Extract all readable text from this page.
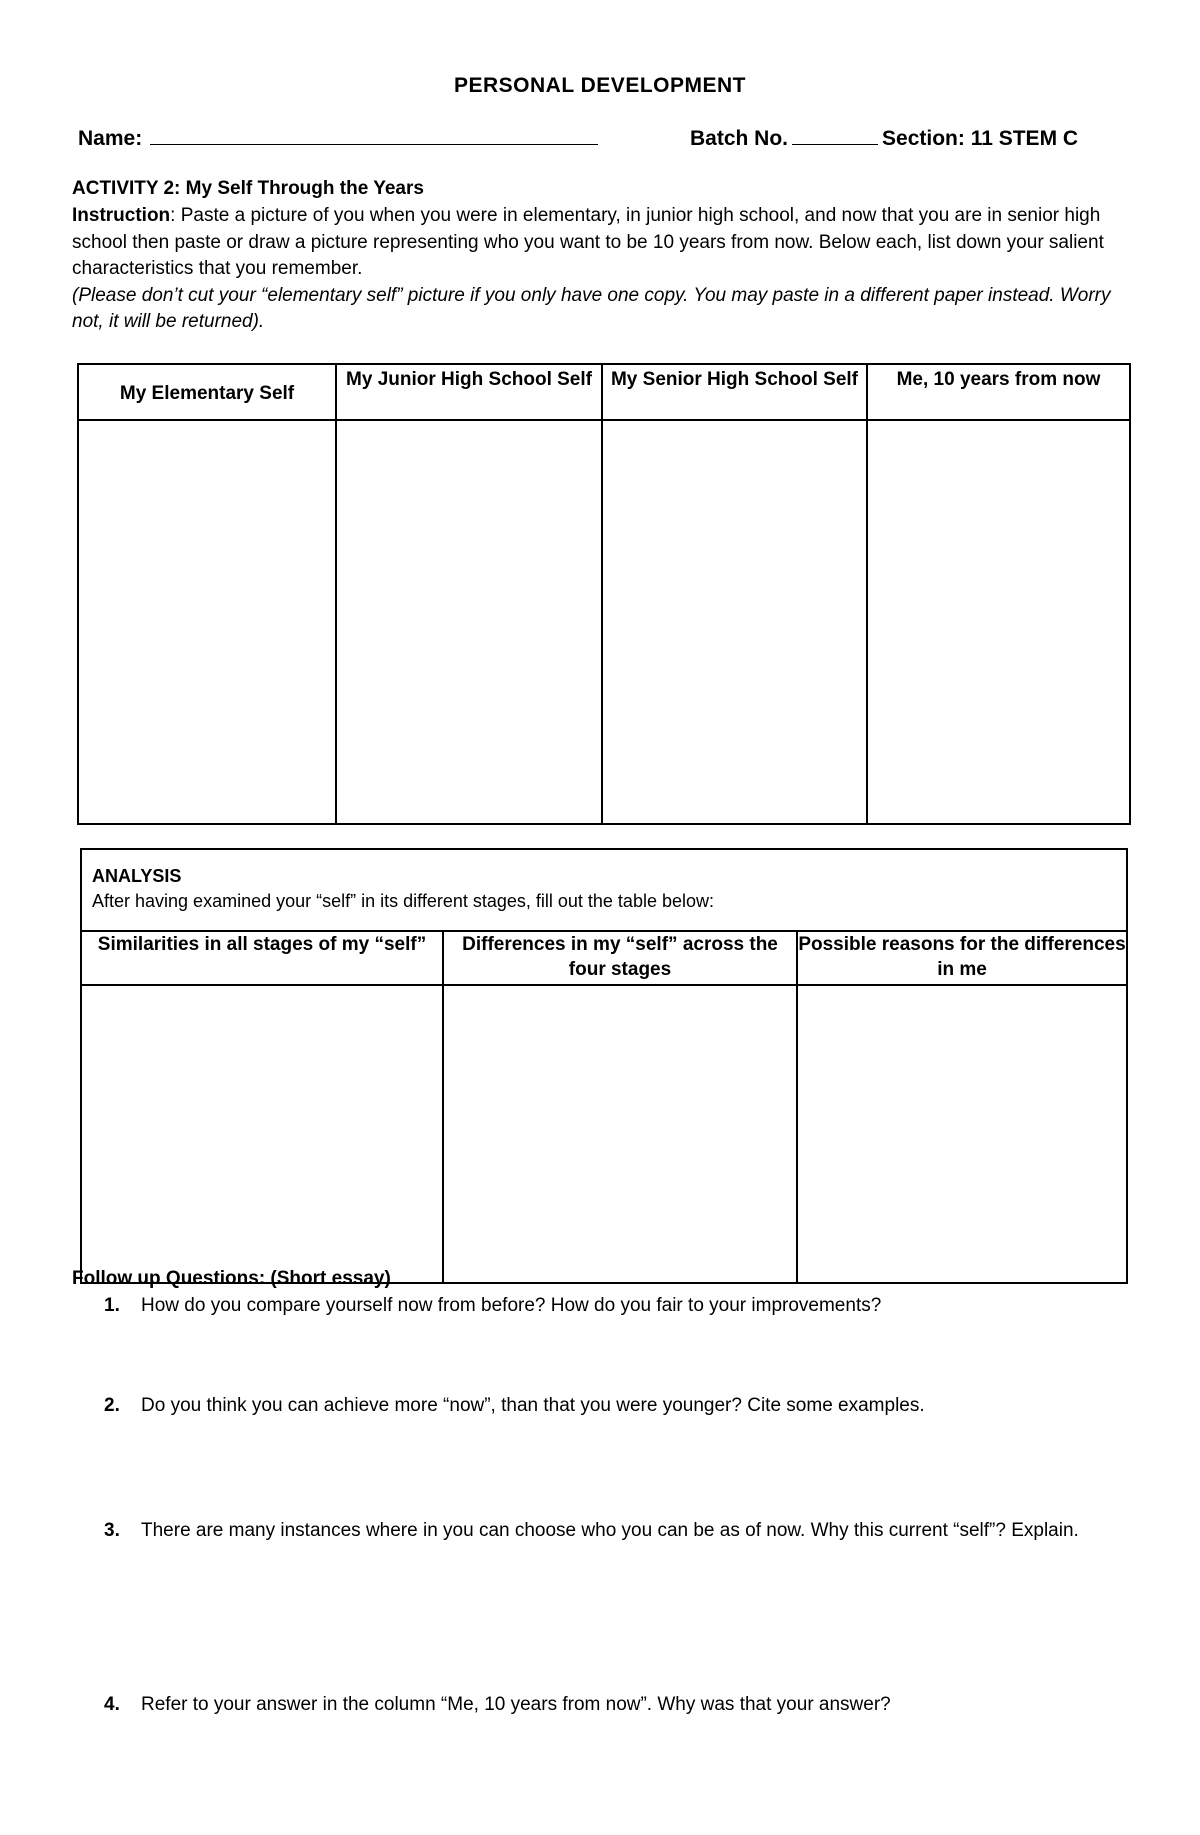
PERSONAL DEVELOPMENT
Name:	Batch No.	Section: 11 STEM C
ACTIVITY 2: My Self Through the Years
Instruction: Paste a picture of you when you were in elementary, in junior high school, and now that you are in senior high school then paste or draw a picture representing who you want to be 10 years from now. Below each, list down your salient characteristics that you remember.
(Please don’t cut your “elementary self” picture if you only have one copy. You may paste in a different paper instead. Worry not, it will be returned).
My Elementary Self	My Junior High School Self	My Senior High School Self	Me, 10 years from now

ANALYSIS
After having examined your “self” in its different stages, fill out the table below:		
Similarities in all stages of my “self”	Differences in my “self” across the four stages	Possible reasons for the differences in me

Follow up Questions: (Short essay)
1.	How do you compare yourself now from before? How do you fair to your improvements?
2.	Do you think you can achieve more “now”, than that you were younger? Cite some examples.
3.	There are many instances where in you can choose who you can be as of now. Why this current “self”? Explain.
4.	Refer to your answer in the column “Me, 10 years from now”. Why was that your answer?
